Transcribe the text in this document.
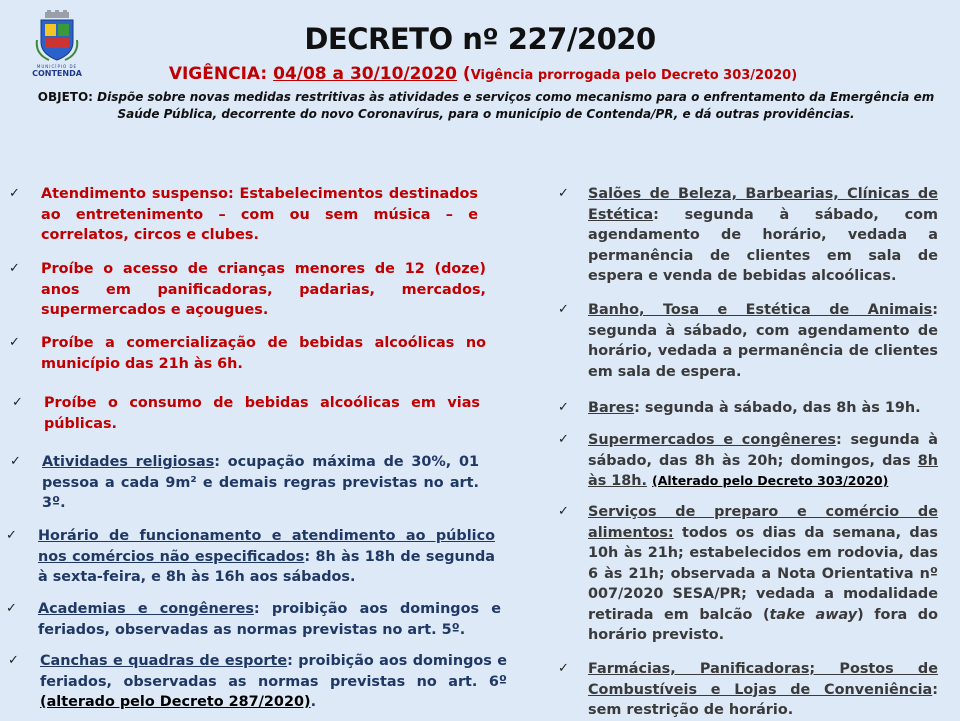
MUNICÍPIO DE
CONTENDA
DECRETO nº 227/2020
VIGÊNCIA: 04/08 a 30/10/2020 (Vigência prorrogada pelo Decreto 303/2020)
OBJETO: Dispõe sobre novas medidas restritivas às atividades e serviços como mecanismo para o enfrentamento da Emergência em Saúde Pública, decorrente do novo Coronavírus, para o município de Contenda/PR, e dá outras providências.
✓ Atendimento suspenso: Estabelecimentos destinados ao entretenimento – com ou sem música – e correlatos, circos e clubes.
✓ Proíbe o acesso de crianças menores de 12 (doze) anos em panificadoras, padarias, mercados, supermercados e açougues.
✓ Proíbe a comercialização de bebidas alcoólicas no município das 21h às 6h.
✓ Proíbe o consumo de bebidas alcoólicas em vias públicas.
✓ Atividades religiosas: ocupação máxima de 30%, 01 pessoa a cada 9m² e demais regras previstas no art. 3º.
✓ Horário de funcionamento e atendimento ao público nos comércios não especificados: 8h às 18h de segunda à sexta-feira, e 8h às 16h aos sábados.
✓ Academias e congêneres: proibição aos domingos e feriados, observadas as normas previstas no art. 5º.
✓ Canchas e quadras de esporte: proibição aos domingos e feriados, observadas as normas previstas no art. 6º (alterado pelo Decreto 287/2020).
✓ Salões de Beleza, Barbearias, Clínicas de Estética: segunda à sábado, com agendamento de horário, vedada a permanência de clientes em sala de espera e venda de bebidas alcoólicas.
✓ Banho, Tosa e Estética de Animais: segunda à sábado, com agendamento de horário, vedada a permanência de clientes em sala de espera.
✓ Bares: segunda à sábado, das 8h às 19h.
✓ Supermercados e congêneres: segunda à sábado, das 8h às 20h; domingos, das 8h às 18h. (Alterado pelo Decreto 303/2020)
✓ Serviços de preparo e comércio de alimentos: todos os dias da semana, das 10h às 21h; estabelecidos em rodovia, das 6 às 21h; observada a Nota Orientativa nº 007/2020 SESA/PR; vedada a modalidade retirada em balcão (take away) fora do horário previsto.
✓ Farmácias, Panificadoras; Postos de Combustíveis e Lojas de Conveniência: sem restrição de horário.
